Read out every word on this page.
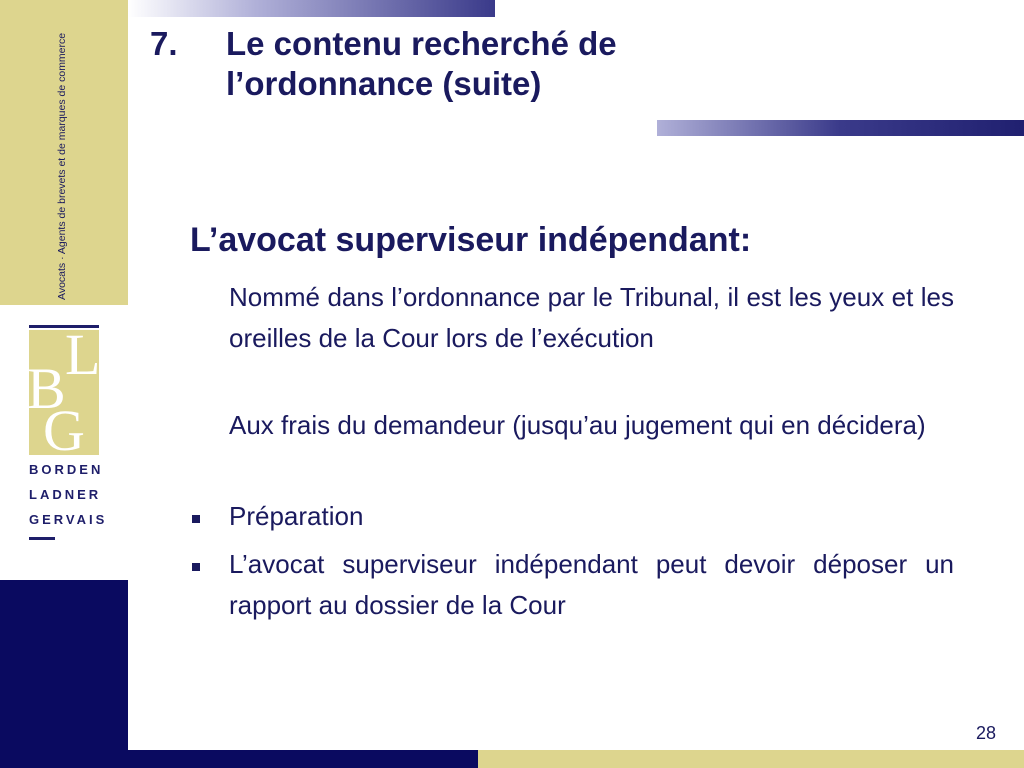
Avocats · Agents de brevets et de marques de commerce
B
L
G
BORDEN
LADNER
GERVAIS
7. Le contenu recherché de l’ordonnance (suite)
L’avocat superviseur indépendant:
Nommé dans l’ordonnance par le Tribunal, il est les yeux et les oreilles de la Cour lors de l’exécution
Aux frais du demandeur (jusqu’au jugement qui en décidera)
Préparation
L’avocat superviseur indépendant peut devoir déposer un rapport au dossier de la Cour
28
